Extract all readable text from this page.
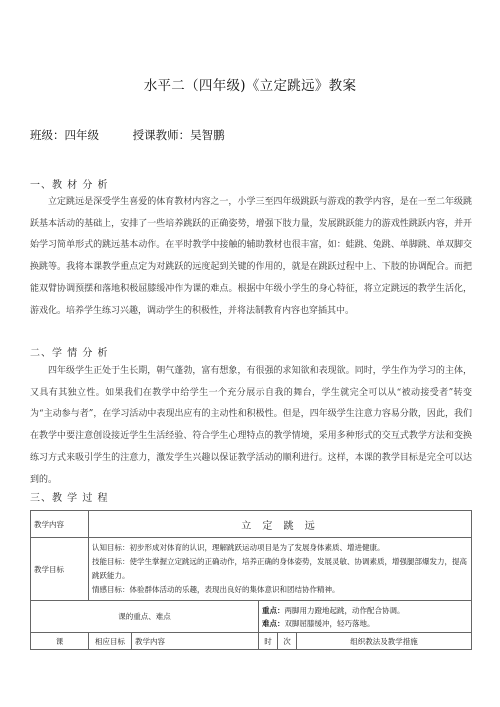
水平二（四年级)《立定跳远》教案
班级：四年级	授课教师：吴智鹏
一、教 材 分 析
立定跳远是深受学生喜爱的体育教材内容之一，小学三至四年级跳跃与游戏的教学内容，是在一至二年级跳跃基本活动的基础上，安排了一些培养跳跃的正确姿势，增强下肢力量，发展跳跃能力的游戏性跳跃内容，并开始学习简单形式的跳远基本动作。在平时教学中接触的辅助教材也很丰富，如：蛙跳、兔跳、单脚跳、单双脚交换跳等。我将本课教学重点定为对跳跃的远度起到关键的作用的，就是在跳跃过程中上、下肢的协调配合。而把能双臂协调预摆和落地积极屈膝缓冲作为课的难点。根据中年级小学生的身心特征，将立定跳远的教学生活化，游戏化。培养学生练习兴趣，调动学生的积极性，并将法制教育内容也穿插其中。
二、学 情 分 析
四年级学生正处于生长期，朝气蓬勃，富有想象，有很强的求知欲和表现欲。同时，学生作为学习的主体，又具有其独立性。如果我们在教学中给学生一个充分展示自我的舞台，学生就完全可以从“被动接受者”转变为“主动参与者”，在学习活动中表现出应有的主动性和积极性。但是，四年级学生注意力容易分散，因此，我们在教学中要注意创设接近学生生活经验、符合学生心理特点的教学情境，采用多种形式的交互式教学方法和变换练习方式来吸引学生的注意力，激发学生兴趣以保证教学活动的顺利进行。这样，本课的教学目标是完全可以达到的。
三、教 学 过 程
教学内容	立 定 跳 远				
教学目标	认知目标：初步形成对体育的认识，理解跳跃运动项目是为了发展身体素质、增进健康。
技能目标：使学生掌握立定跳远的正确动作，培养正确的身体姿势，发展灵敏、协调素质，增强腿部爆发力，提高跳跃能力。
情感目标：体验群体活动的乐趣，表现出良好的集体意识和团结协作精神。				

课的重点、难点			重点：两脚用力蹬地起跳，动作配合协调。
难点：双脚屈膝缓冲，轻巧落地。		

课	相应目标	教学内容	时	次	组织教法及教学措施
